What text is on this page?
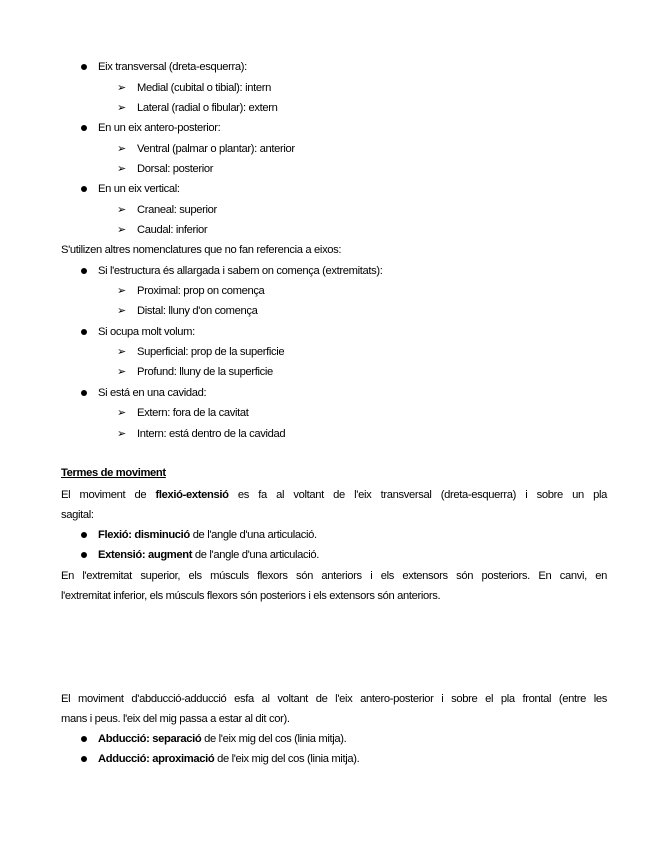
Eix transversal (dreta-esquerra):
➢ Medial (cubital o tibial): intern
➢ Lateral (radial o fibular): extern
En un eix antero-posterior:
➢ Ventral (palmar o plantar): anterior
➢ Dorsal: posterior
En un eix vertical:
➢ Craneal: superior
➢ Caudal: inferior
S'utilizen altres nomenclatures que no fan referencia a eixos:
Si l'estructura és allargada i sabem on comença (extremitats):
➢ Proximal: prop on comença
➢ Distal: lluny d'on comença
Si ocupa molt volum:
➢ Superficial: prop de la superficie
➢ Profund: lluny de la superficie
Si está en una cavidad:
➢ Extern: fora de la cavitat
➢ Intern: está dentro de la cavidad
Termes de moviment
El moviment de flexió-extensió es fa al voltant de l'eix transversal (dreta-esquerra) i sobre un pla
sagital:
Flexió: disminució de l'angle d'una articulació.
Extensió: augment de l'angle d'una articulació.
En l'extremitat superior, els músculs flexors són anteriors i els extensors són posteriors. En canvi, en
l'extremitat inferior, els músculs flexors són posteriors i els extensors són anteriors.
El moviment d'abducció-adducció esfa al voltant de l'eix antero-posterior i sobre el pla frontal (entre les
mans i peus. l'eix del mig passa a estar al dit cor).
Abducció: separació de l'eix mig del cos (linia mitja).
Adducció: aproximació de l'eix mig del cos (linia mitja).
